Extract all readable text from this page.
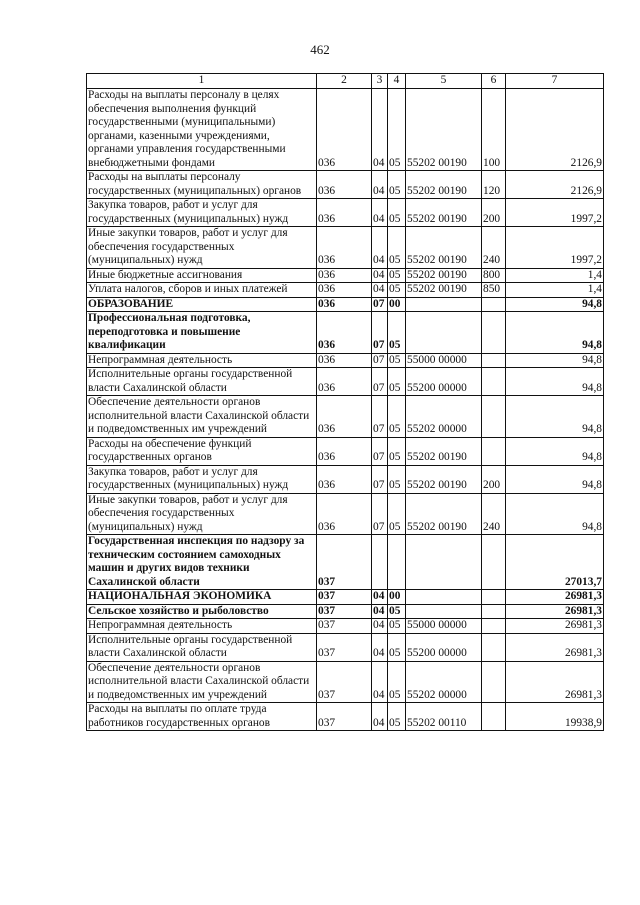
462
1	2	3	4	5	6	7
Расходы на выплаты персоналу в целях обеспечения выполнения функций государственными (муниципальными) органами, казенными учреждениями, органами управления государственными внебюджетными фондами	036	04	05	55202 00190	100	2126,9
Расходы на выплаты персоналу государственных (муниципальных) органов	036	04	05	55202 00190	120	2126,9
Закупка товаров, работ и услуг для государственных (муниципальных) нужд	036	04	05	55202 00190	200	1997,2
Иные закупки товаров, работ и услуг для обеспечения государственных (муниципальных) нужд	036	04	05	55202 00190	240	1997,2
Иные бюджетные ассигнования	036	04	05	55202 00190	800	1,4
Уплата налогов, сборов и иных платежей	036	04	05	55202 00190	850	1,4
ОБРАЗОВАНИЕ	036	07	00			94,8
Профессиональная подготовка, переподготовка и повышение квалификации	036	07	05			94,8
Непрограммная деятельность	036	07	05	55000 00000		94,8
Исполнительные органы государственной власти Сахалинской области	036	07	05	55200 00000		94,8
Обеспечение деятельности органов исполнительной власти Сахалинской области и подведомственных им учреждений	036	07	05	55202 00000		94,8
Расходы на обеспечение функций государственных органов	036	07	05	55202 00190		94,8
Закупка товаров, работ и услуг для государственных (муниципальных) нужд	036	07	05	55202 00190	200	94,8
Иные закупки товаров, работ и услуг для обеспечения государственных (муниципальных) нужд	036	07	05	55202 00190	240	94,8
Государственная инспекция по надзору за техническим состоянием самоходных машин и других видов техники Сахалинской области	037					27013,7
НАЦИОНАЛЬНАЯ ЭКОНОМИКА	037	04	00			26981,3
Сельское хозяйство и рыболовство	037	04	05			26981,3
Непрограммная деятельность	037	04	05	55000 00000		26981,3
Исполнительные органы государственной власти Сахалинской области	037	04	05	55200 00000		26981,3
Обеспечение деятельности органов исполнительной власти Сахалинской области и подведомственных им учреждений	037	04	05	55202 00000		26981,3
Расходы на выплаты по оплате труда работников государственных органов	037	04	05	55202 00110		19938,9
